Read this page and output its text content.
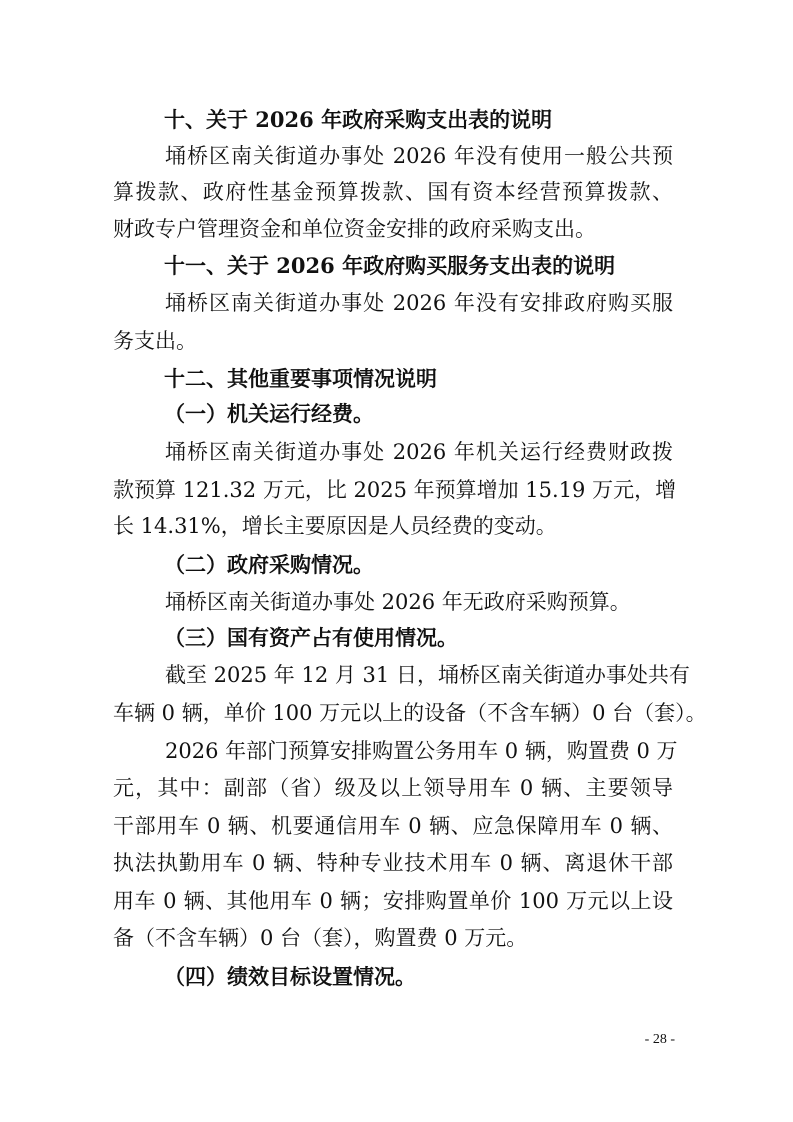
十、关于 2026 年政府采购支出表的说明
埇桥区南关街道办事处 2026 年没有使用一般公共预
算拨款、政府性基金预算拨款、国有资本经营预算拨款、
财政专户管理资金和单位资金安排的政府采购支出。
十一、关于 2026 年政府购买服务支出表的说明
埇桥区南关街道办事处 2026 年没有安排政府购买服
务支出。
十二、其他重要事项情况说明
（一）机关运行经费。
埇桥区南关街道办事处 2026 年机关运行经费财政拨
款预算 121.32 万元，比 2025 年预算增加 15.19 万元，增
长 14.31%，增长主要原因是人员经费的变动。
（二）政府采购情况。
埇桥区南关街道办事处 2026 年无政府采购预算。
（三）国有资产占有使用情况。
截至 2025 年 12 月 31 日，埇桥区南关街道办事处共有
车辆 0 辆，单价 100 万元以上的设备（不含车辆）0 台（套）。
2026 年部门预算安排购置公务用车 0 辆，购置费 0 万
元，其中：副部（省）级及以上领导用车 0 辆、主要领导
干部用车 0 辆、机要通信用车 0 辆、应急保障用车 0 辆、
执法执勤用车 0 辆、特种专业技术用车 0 辆、离退休干部
用车 0 辆、其他用车 0 辆；安排购置单价 100 万元以上设
备（不含车辆）0 台（套），购置费 0 万元。
（四）绩效目标设置情况。
- 28 -
